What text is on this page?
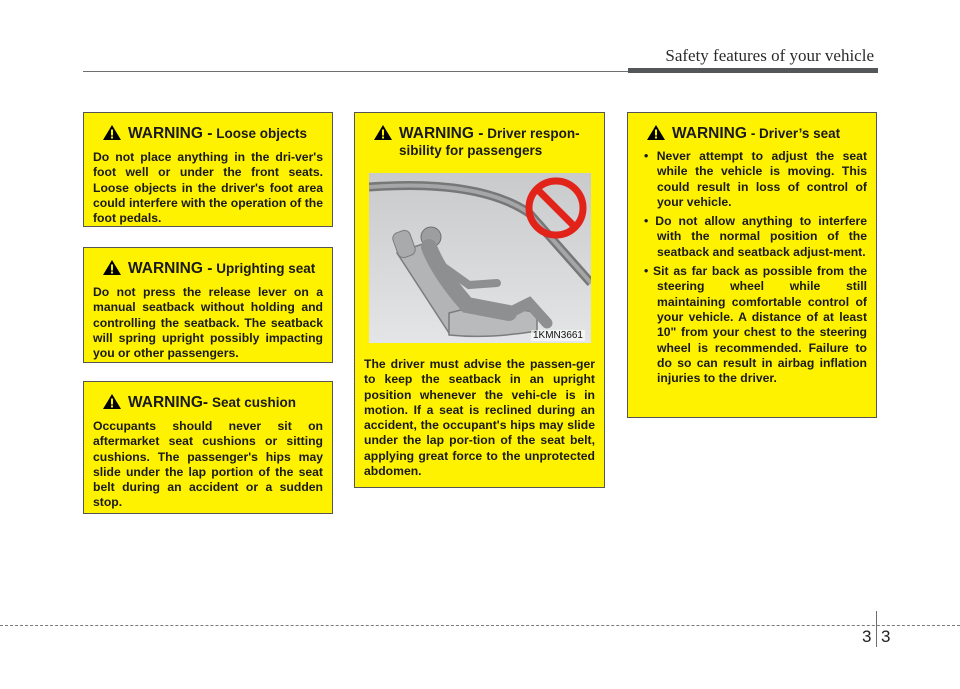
Safety features of your vehicle
WARNING - Loose objects
Do not place anything in the dri-ver's foot well or under the front seats. Loose objects in the driver's foot area could interfere with the operation of the foot pedals.
WARNING - Uprighting seat
Do not press the release lever on a manual seatback without holding and controlling the seatback. The seatback will spring upright possibly impacting you or other passengers.
WARNING- Seat cushion
Occupants should never sit on aftermarket seat cushions or sitting cushions. The passenger's hips may slide under the lap portion of the seat belt during an accident or a sudden stop.
WARNING - Driver respon-sibility for passengers
1KMN3661
The driver must advise the passen-ger to keep the seatback in an upright position whenever the vehi-cle is in motion. If a seat is reclined during an accident, the occupant's hips may slide under the lap por-tion of the seat belt, applying great force to the unprotected abdomen.
WARNING - Driver’s seat
• Never attempt to adjust the seat while the vehicle is moving. This could result in loss of control of your vehicle.
• Do not allow anything to interfere with the normal position of the seatback and seatback adjust-ment.
• Sit as far back as possible from the steering wheel while still maintaining comfortable control of your vehicle. A distance of at least 10" from your chest to the steering wheel is recommended. Failure to do so can result in airbag inflation injuries to the driver.
3 3
